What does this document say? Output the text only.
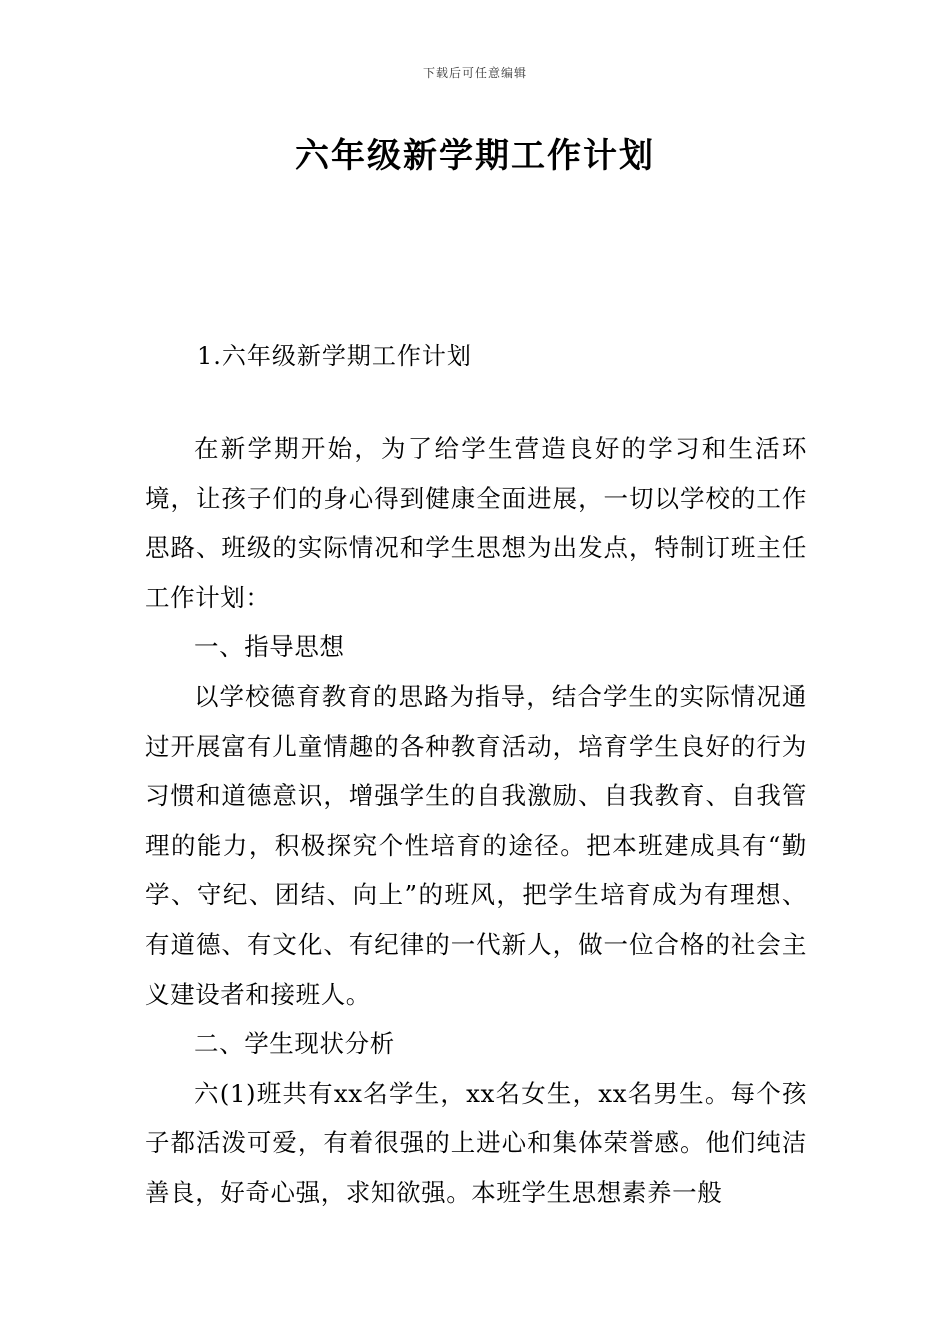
下载后可任意编辑
六年级新学期工作计划
1.六年级新学期工作计划

在新学期开始，为了给学生营造良好的学习和生活环境，让孩子们的身心得到健康全面进展，一切以学校的工作思路、班级的实际情况和学生思想为出发点，特制订班主任工作计划：

一、指导思想

以学校德育教育的思路为指导，结合学生的实际情况通过开展富有儿童情趣的各种教育活动，培育学生良好的行为习惯和道德意识，增强学生的自我激励、自我教育、自我管理的能力，积极探究个性培育的途径。把本班建成具有“勤学、守纪、团结、向上”的班风，把学生培育成为有理想、有道德、有文化、有纪律的一代新人，做一位合格的社会主义建设者和接班人。

二、学生现状分析

六(1)班共有xx名学生，xx名女生，xx名男生。每个孩子都活泼可爱，有着很强的上进心和集体荣誉感。他们纯洁善良，好奇心强，求知欲强。本班学生思想素养一般
